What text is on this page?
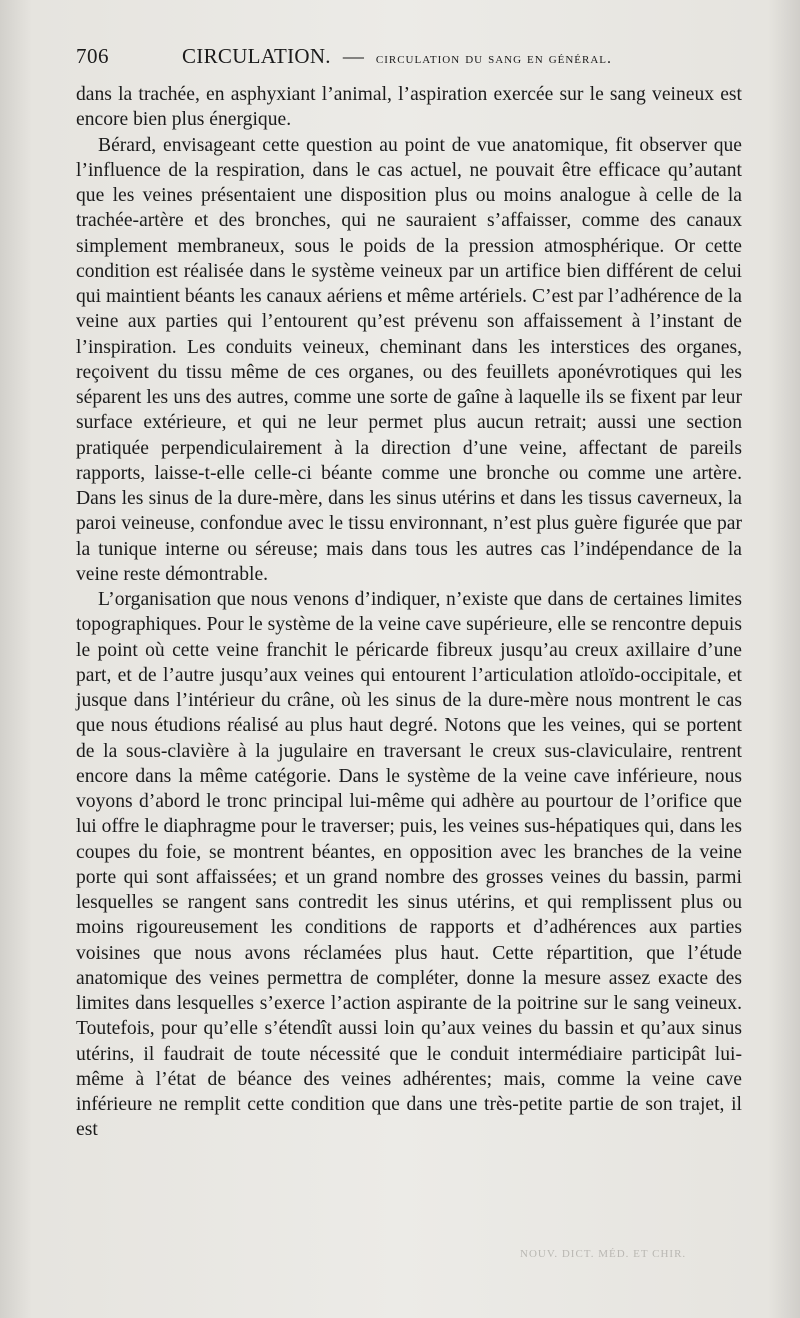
706	CIRCULATION. — circulation du sang en général.

dans la trachée, en asphyxiant l’animal, l’aspiration exercée sur le sang veineux est encore bien plus énergique.

Bérard, envisageant cette question au point de vue anatomique, fit observer que l’influence de la respiration, dans le cas actuel, ne pouvait être efficace qu’autant que les veines présentaient une disposition plus ou moins analogue à celle de la trachée-artère et des bronches, qui ne sauraient s’affaisser, comme des canaux simplement membraneux, sous le poids de la pression atmosphérique. Or cette condition est réalisée dans le système veineux par un artifice bien différent de celui qui maintient béants les canaux aériens et même artériels. C’est par l’adhérence de la veine aux parties qui l’entourent qu’est prévenu son affaissement à l’instant de l’inspiration. Les conduits veineux, cheminant dans les interstices des organes, reçoivent du tissu même de ces organes, ou des feuillets aponévrotiques qui les séparent les uns des autres, comme une sorte de gaîne à laquelle ils se fixent par leur surface extérieure, et qui ne leur permet plus aucun retrait; aussi une section pratiquée perpendiculairement à la direction d’une veine, affectant de pareils rapports, laisse-t-elle celle-ci béante comme une bronche ou comme une artère. Dans les sinus de la dure-mère, dans les sinus utérins et dans les tissus caverneux, la paroi veineuse, confondue avec le tissu environnant, n’est plus guère figurée que par la tunique interne ou séreuse; mais dans tous les autres cas l’indépendance de la veine reste démontrable.

L’organisation que nous venons d’indiquer, n’existe que dans de certaines limites topographiques. Pour le système de la veine cave supérieure, elle se rencontre depuis le point où cette veine franchit le péricarde fibreux jusqu’au creux axillaire d’une part, et de l’autre jusqu’aux veines qui entourent l’articulation atloïdo-occipitale, et jusque dans l’intérieur du crâne, où les sinus de la dure-mère nous montrent le cas que nous étudions réalisé au plus haut degré. Notons que les veines, qui se portent de la sous-clavière à la jugulaire en traversant le creux sus-claviculaire, rentrent encore dans la même catégorie. Dans le système de la veine cave inférieure, nous voyons d’abord le tronc principal lui-même qui adhère au pourtour de l’orifice que lui offre le diaphragme pour le traverser; puis, les veines sus-hépatiques qui, dans les coupes du foie, se montrent béantes, en opposition avec les branches de la veine porte qui sont affaissées; et un grand nombre des grosses veines du bassin, parmi lesquelles se rangent sans contredit les sinus utérins, et qui remplissent plus ou moins rigoureusement les conditions de rapports et d’adhérences aux parties voisines que nous avons réclamées plus haut. Cette répartition, que l’étude anatomique des veines permettra de compléter, donne la mesure assez exacte des limites dans lesquelles s’exerce l’action aspirante de la poitrine sur le sang veineux. Toutefois, pour qu’elle s’étendît aussi loin qu’aux veines du bassin et qu’aux sinus utérins, il faudrait de toute nécessité que le conduit intermédiaire participât lui-même à l’état de béance des veines adhérentes; mais, comme la veine cave inférieure ne remplit cette condition que dans une très-petite partie de son trajet, il est

NOUV. DICT. MÉD. ET CHIR.
